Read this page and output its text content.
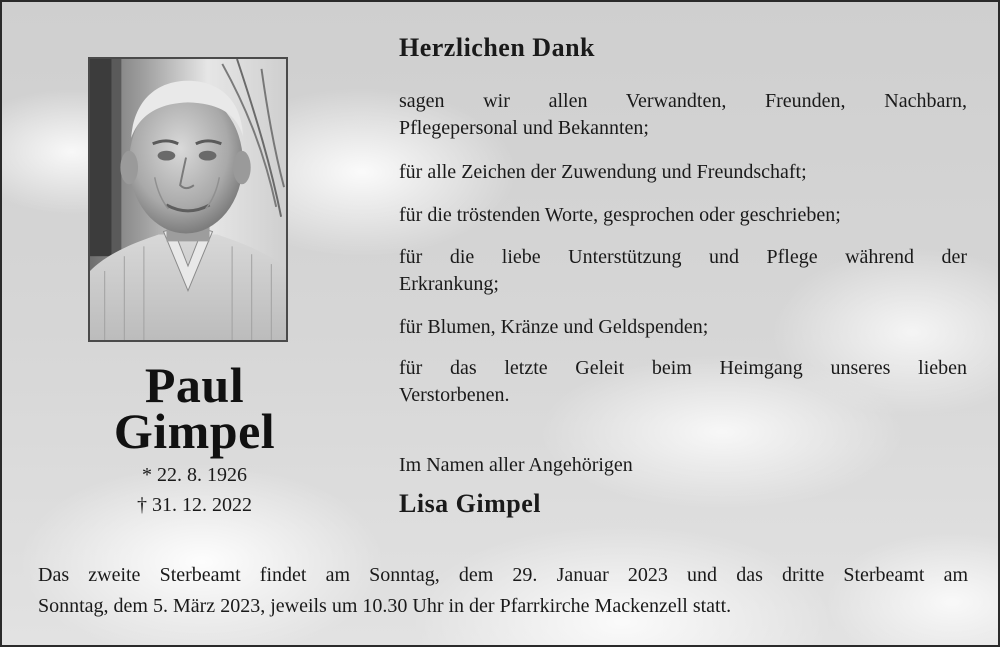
Paul
Gimpel
* 22. 8. 1926
† 31. 12. 2022
Herzlichen Dank
sagen wir allen Verwandten, Freunden, Nachbarn,
Pflegepersonal und Bekannten;
für alle Zeichen der Zuwendung und Freundschaft;
für die tröstenden Worte, gesprochen oder geschrieben;
für die liebe Unterstützung und Pflege während der
Erkrankung;
für Blumen, Kränze und Geldspenden;
für das letzte Geleit beim Heimgang unseres lieben
Verstorbenen.
Im Namen aller Angehörigen
Lisa Gimpel
Das zweite Sterbeamt findet am Sonntag, dem 29. Januar 2023 und das dritte Sterbeamt am
Sonntag, dem 5. März 2023, jeweils um 10.30 Uhr in der Pfarrkirche Mackenzell statt.
